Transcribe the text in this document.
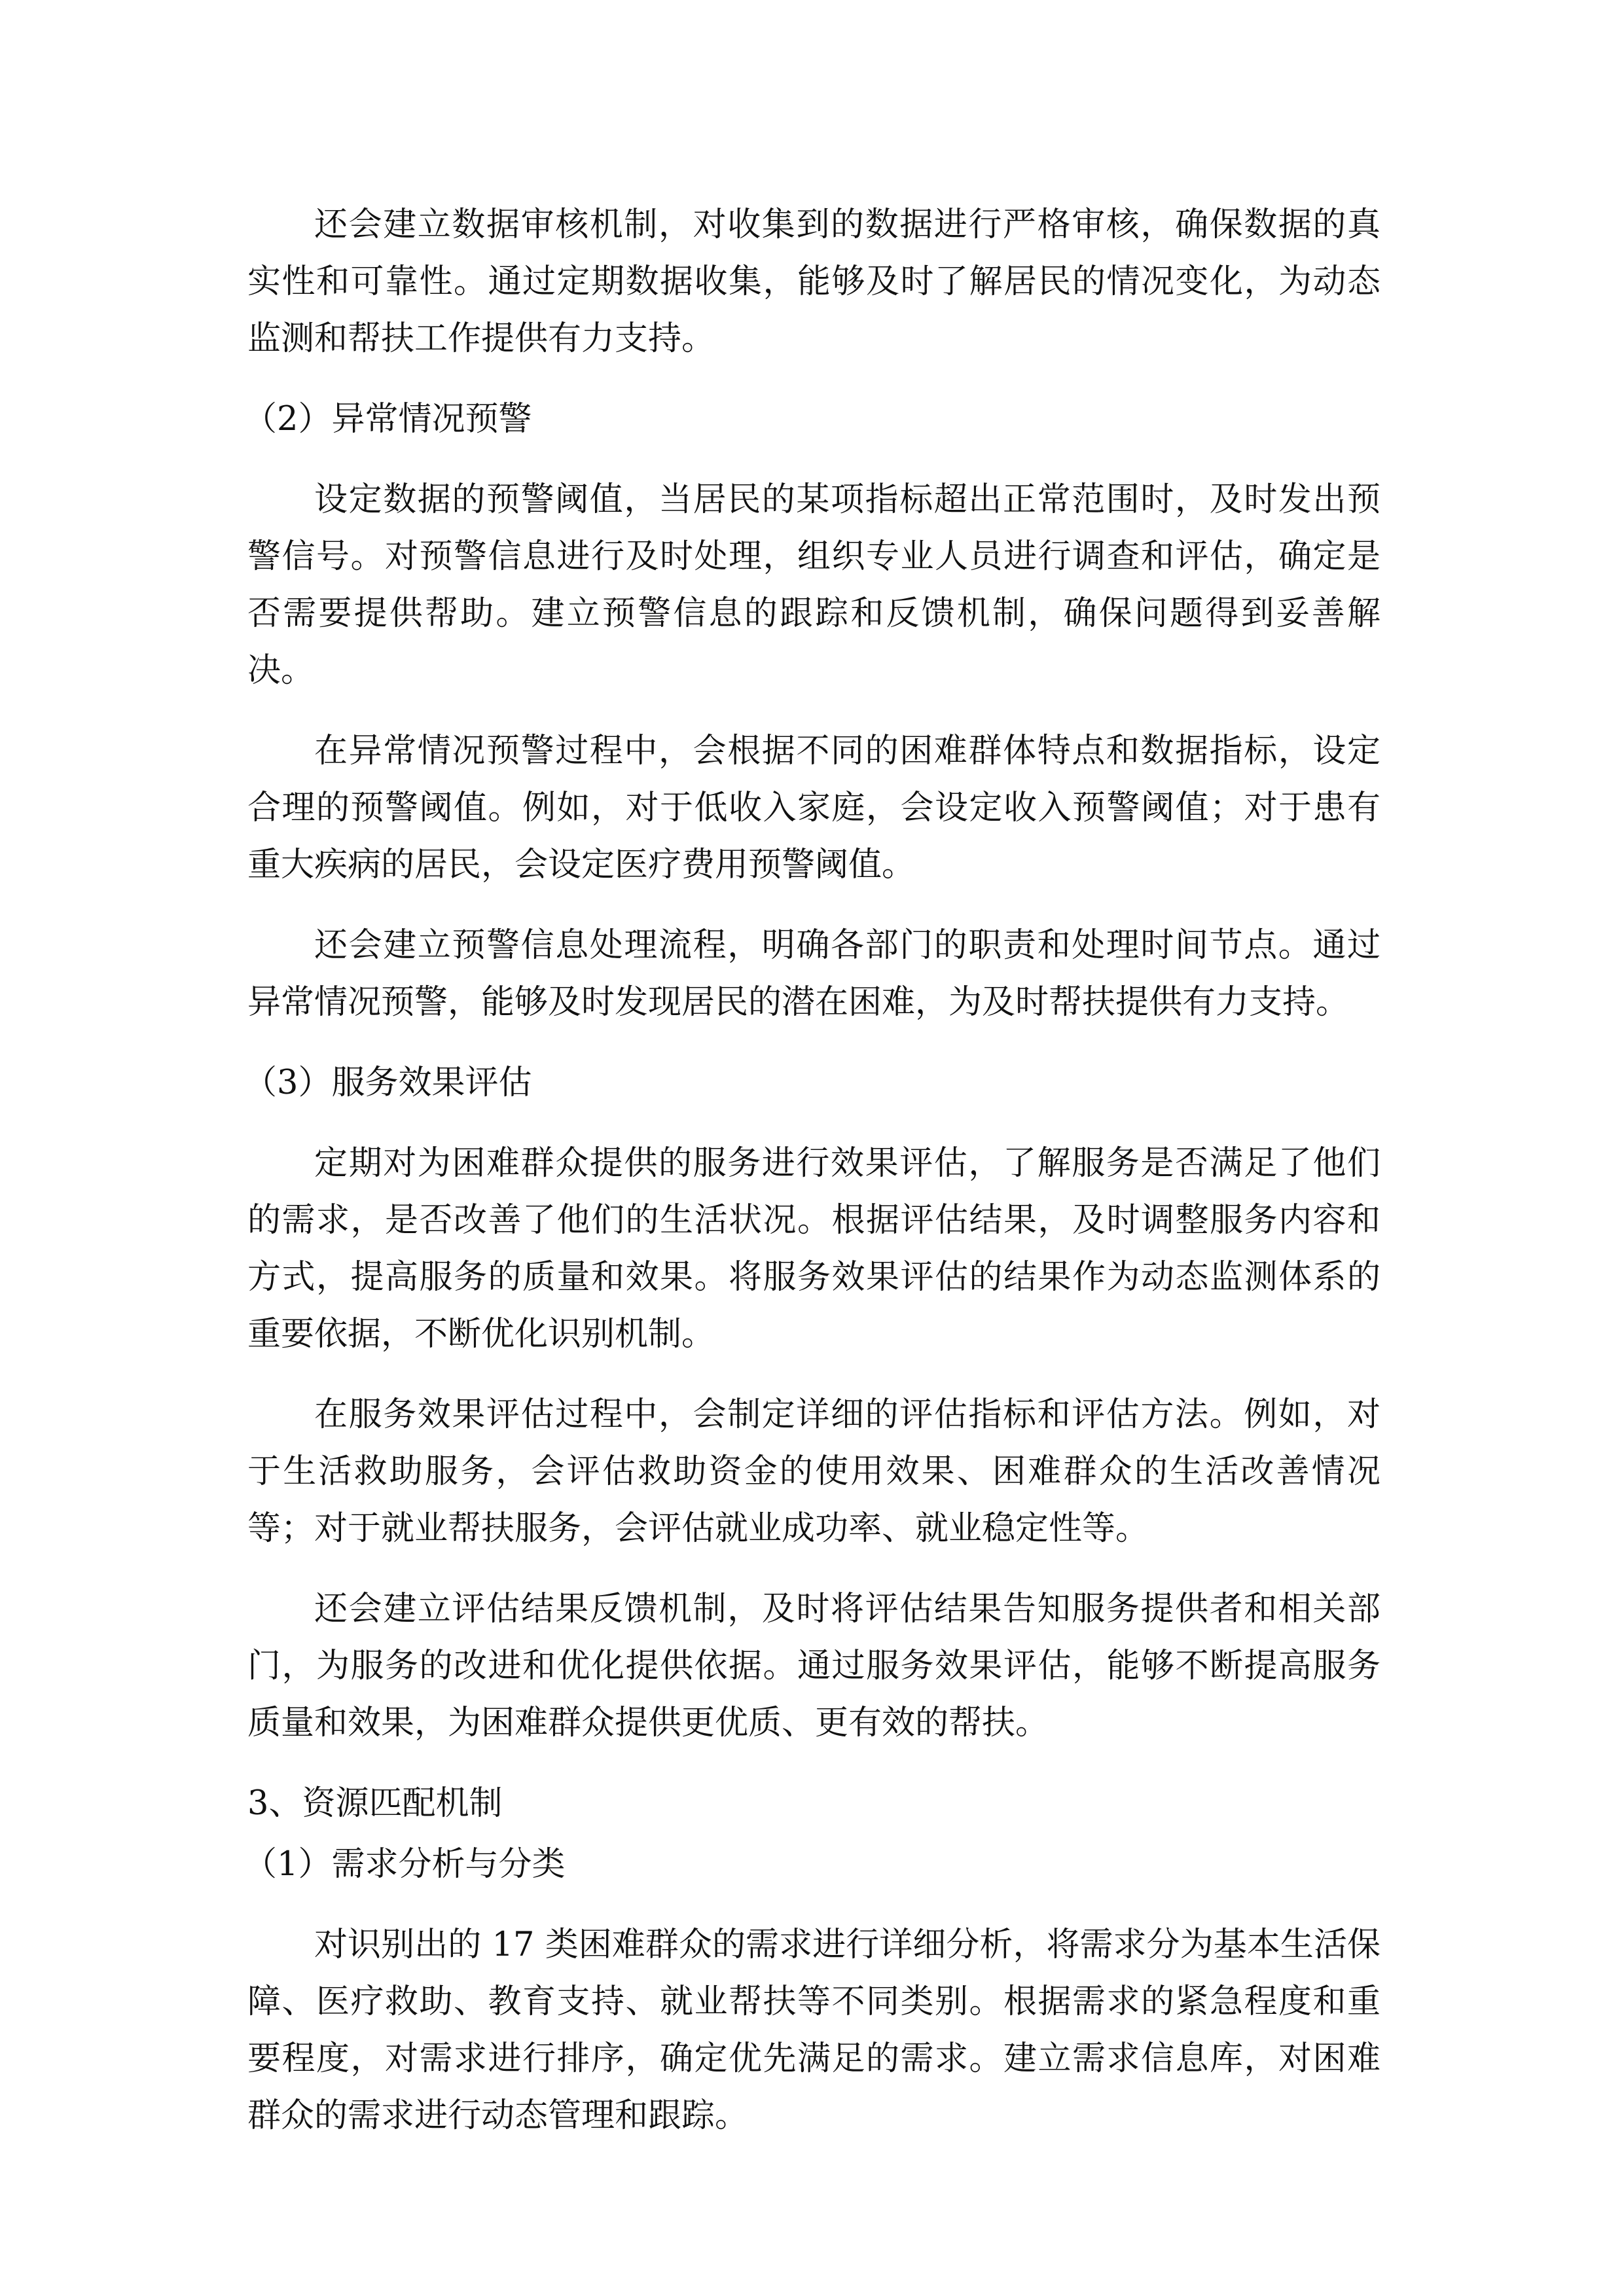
还会建立数据审核机制，对收集到的数据进行严格审核，确保数据的真实性和可靠性。通过定期数据收集，能够及时了解居民的情况变化，为动态监测和帮扶工作提供有力支持。

（2）异常情况预警

设定数据的预警阈值，当居民的某项指标超出正常范围时，及时发出预警信号。对预警信息进行及时处理，组织专业人员进行调查和评估，确定是否需要提供帮助。建立预警信息的跟踪和反馈机制，确保问题得到妥善解决。

在异常情况预警过程中，会根据不同的困难群体特点和数据指标，设定合理的预警阈值。例如，对于低收入家庭，会设定收入预警阈值；对于患有重大疾病的居民，会设定医疗费用预警阈值。

还会建立预警信息处理流程，明确各部门的职责和处理时间节点。通过异常情况预警，能够及时发现居民的潜在困难，为及时帮扶提供有力支持。

（3）服务效果评估

定期对为困难群众提供的服务进行效果评估，了解服务是否满足了他们的需求，是否改善了他们的生活状况。根据评估结果，及时调整服务内容和方式，提高服务的质量和效果。将服务效果评估的结果作为动态监测体系的重要依据，不断优化识别机制。

在服务效果评估过程中，会制定详细的评估指标和评估方法。例如，对于生活救助服务，会评估救助资金的使用效果、困难群众的生活改善情况等；对于就业帮扶服务，会评估就业成功率、就业稳定性等。

还会建立评估结果反馈机制，及时将评估结果告知服务提供者和相关部门，为服务的改进和优化提供依据。通过服务效果评估，能够不断提高服务质量和效果，为困难群众提供更优质、更有效的帮扶。

3、资源匹配机制

（1）需求分析与分类

对识别出的 17 类困难群众的需求进行详细分析，将需求分为基本生活保障、医疗救助、教育支持、就业帮扶等不同类别。根据需求的紧急程度和重要程度，对需求进行排序，确定优先满足的需求。建立需求信息库，对困难群众的需求进行动态管理和跟踪。
